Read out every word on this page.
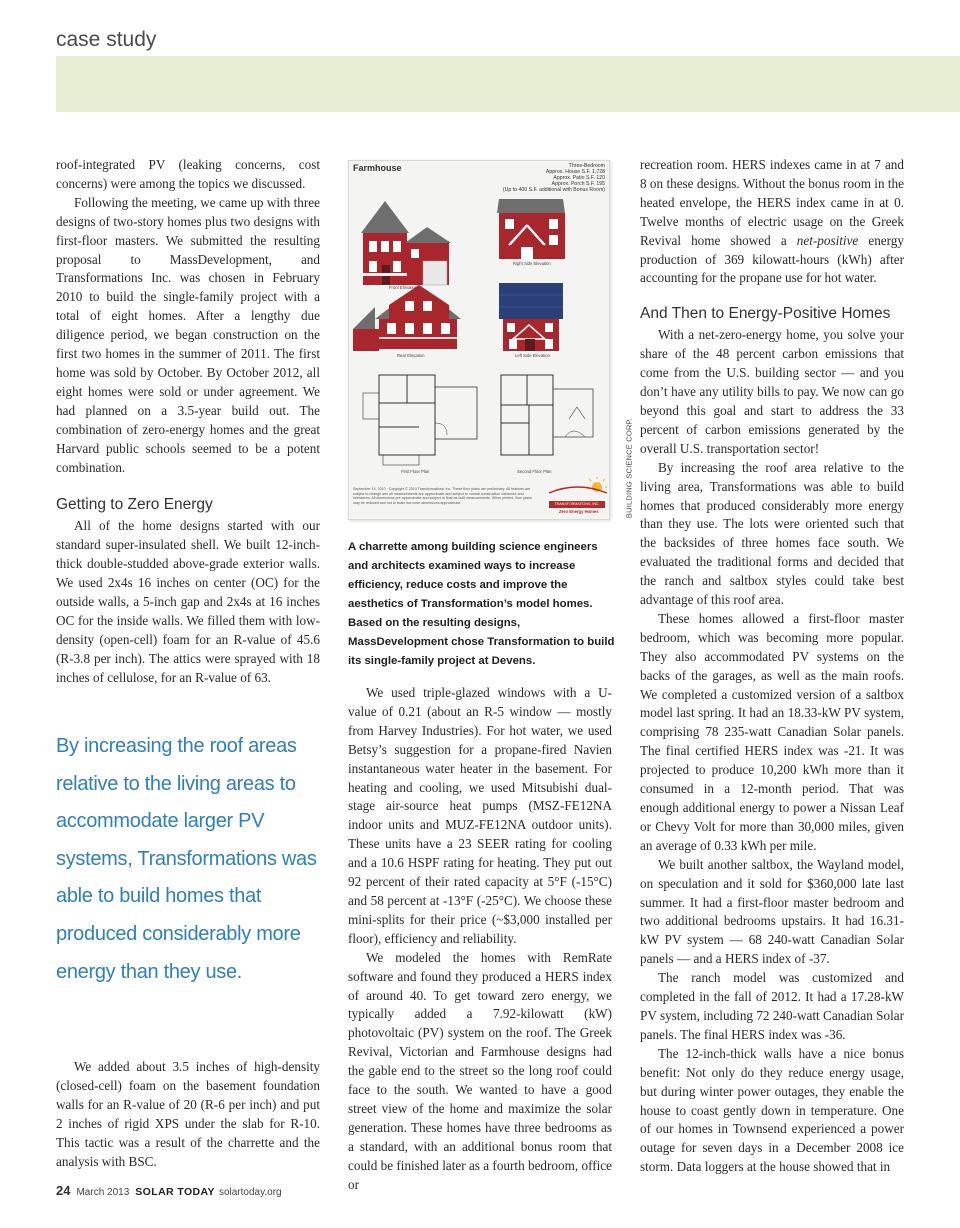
case study

roof-integrated PV (leaking concerns, cost concerns) were among the topics we discussed.

Following the meeting, we came up with three designs of two-story homes plus two designs with first-floor masters. We submitted the resulting proposal to MassDevelopment, and Transformations Inc. was chosen in February 2010 to build the single-family project with a total of eight homes. After a lengthy due diligence period, we began construction on the first two homes in the summer of 2011. The first home was sold by October. By October 2012, all eight homes were sold or under agreement. We had planned on a 3.5-year build out. The combination of zero-energy homes and the great Harvard public schools seemed to be a potent combination.

Getting to Zero Energy

All of the home designs started with our standard super-insulated shell. We built 12-inch-thick double-studded above-grade exterior walls. We used 2x4s 16 inches on center (OC) for the outside walls, a 5-inch gap and 2x4s at 16 inches OC for the inside walls. We filled them with low-density (open-cell) foam for an R-value of 45.6 (R-3.8 per inch). The attics were sprayed with 18 inches of cellulose, for an R-value of 63.

By increasing the roof areas relative to the living areas to accommodate larger PV systems, Transformations was able to build homes that produced considerably more energy than they use.

We added about 3.5 inches of high-density (closed-cell) foam on the basement foundation walls for an R-value of 20 (R-6 per inch) and put 2 inches of rigid XPS under the slab for R-10. This tactic was a result of the charrette and the analysis with BSC.

Farmhouse	Three-Bedroom
Approx. House S.F. 1,728
Approx. Patio S.F. 120
Approx. Porch S.F. 195
(Up to 400 S.F. additional with Bonus Room)
Front Elevation
Right Side Elevation
Rear Elevation	Left Side Elevation
First Floor Plan	Second Floor Plan
September 14, 2010 · Copyright © 2010 Transformations, Inc. These floor plans are preliminary. All features are subject to change and all measurements are approximate and subject to normal construction variances and tolerances. All dimensions are approximate and subject to final as-built measurements. When printed, floor plans may be reduced and not to scale but room dimensions approximate.	TRANSFORMATIONS, INC.
Zero Energy Homes	BUILDING SCIENCE CORP.
A charrette among building science engineers and architects examined ways to increase efficiency, reduce costs and improve the aesthetics of Transformation’s model homes. Based on the resulting designs, MassDevelopment chose Transformation to build its single-family project at Devens.

We used triple-glazed windows with a U-value of 0.21 (about an R-5 window — mostly from Harvey Industries). For hot water, we used Betsy’s suggestion for a propane-fired Navien instantaneous water heater in the basement. For heating and cooling, we used Mitsubishi dual-stage air-source heat pumps (MSZ-FE12NA indoor units and MUZ-FE12NA outdoor units). These units have a 23 SEER rating for cooling and a 10.6 HSPF rating for heating. They put out 92 percent of their rated capacity at 5°F (-15°C) and 58 percent at -13°F (-25°C). We choose these mini-splits for their price (~$3,000 installed per floor), efficiency and reliability.

We modeled the homes with RemRate software and found they produced a HERS index of around 40. To get toward zero energy, we typically added a 7.92-kilowatt (kW) photovoltaic (PV) system on the roof. The Greek Revival, Victorian and Farmhouse designs had the gable end to the street so the long roof could face to the south. We wanted to have a good street view of the home and maximize the solar generation. These homes have three bedrooms as a standard, with an additional bonus room that could be finished later as a fourth bedroom, office or

recreation room. HERS indexes came in at 7 and 8 on these designs. Without the bonus room in the heated envelope, the HERS index came in at 0. Twelve months of electric usage on the Greek Revival home showed a net-positive energy production of 369 kilowatt-hours (kWh) after accounting for the propane use for hot water.

And Then to Energy-Positive Homes

With a net-zero-energy home, you solve your share of the 48 percent carbon emissions that come from the U.S. building sector — and you don’t have any utility bills to pay. We now can go beyond this goal and start to address the 33 percent of carbon emissions generated by the overall U.S. transportation sector!

By increasing the roof area relative to the living area, Transformations was able to build homes that produced considerably more energy than they use. The lots were oriented such that the backsides of three homes face south. We evaluated the traditional forms and decided that the ranch and saltbox styles could take best advantage of this roof area.

These homes allowed a first-floor master bedroom, which was becoming more popular. They also accommodated PV systems on the backs of the garages, as well as the main roofs. We completed a customized version of a saltbox model last spring. It had an 18.33-kW PV system, comprising 78 235-watt Canadian Solar panels. The final certified HERS index was -21. It was projected to produce 10,200 kWh more than it consumed in a 12-month period. That was enough additional energy to power a Nissan Leaf or Chevy Volt for more than 30,000 miles, given an average of 0.33 kWh per mile.

We built another saltbox, the Wayland model, on speculation and it sold for $360,000 late last summer. It had a first-floor master bedroom and two additional bedrooms upstairs. It had 16.31-kW PV system — 68 240-watt Canadian Solar panels — and a HERS index of -37.

The ranch model was customized and completed in the fall of 2012. It had a 17.28-kW PV system, including 72 240-watt Canadian Solar panels. The final HERS index was -36.

The 12-inch-thick walls have a nice bonus benefit: Not only do they reduce energy usage, but during winter power outages, they enable the house to coast gently down in temperature. One of our homes in Townsend experienced a power outage for seven days in a December 2008 ice storm. Data loggers at the house showed that in

24 March 2013 SOLAR TODAY solartoday.org
